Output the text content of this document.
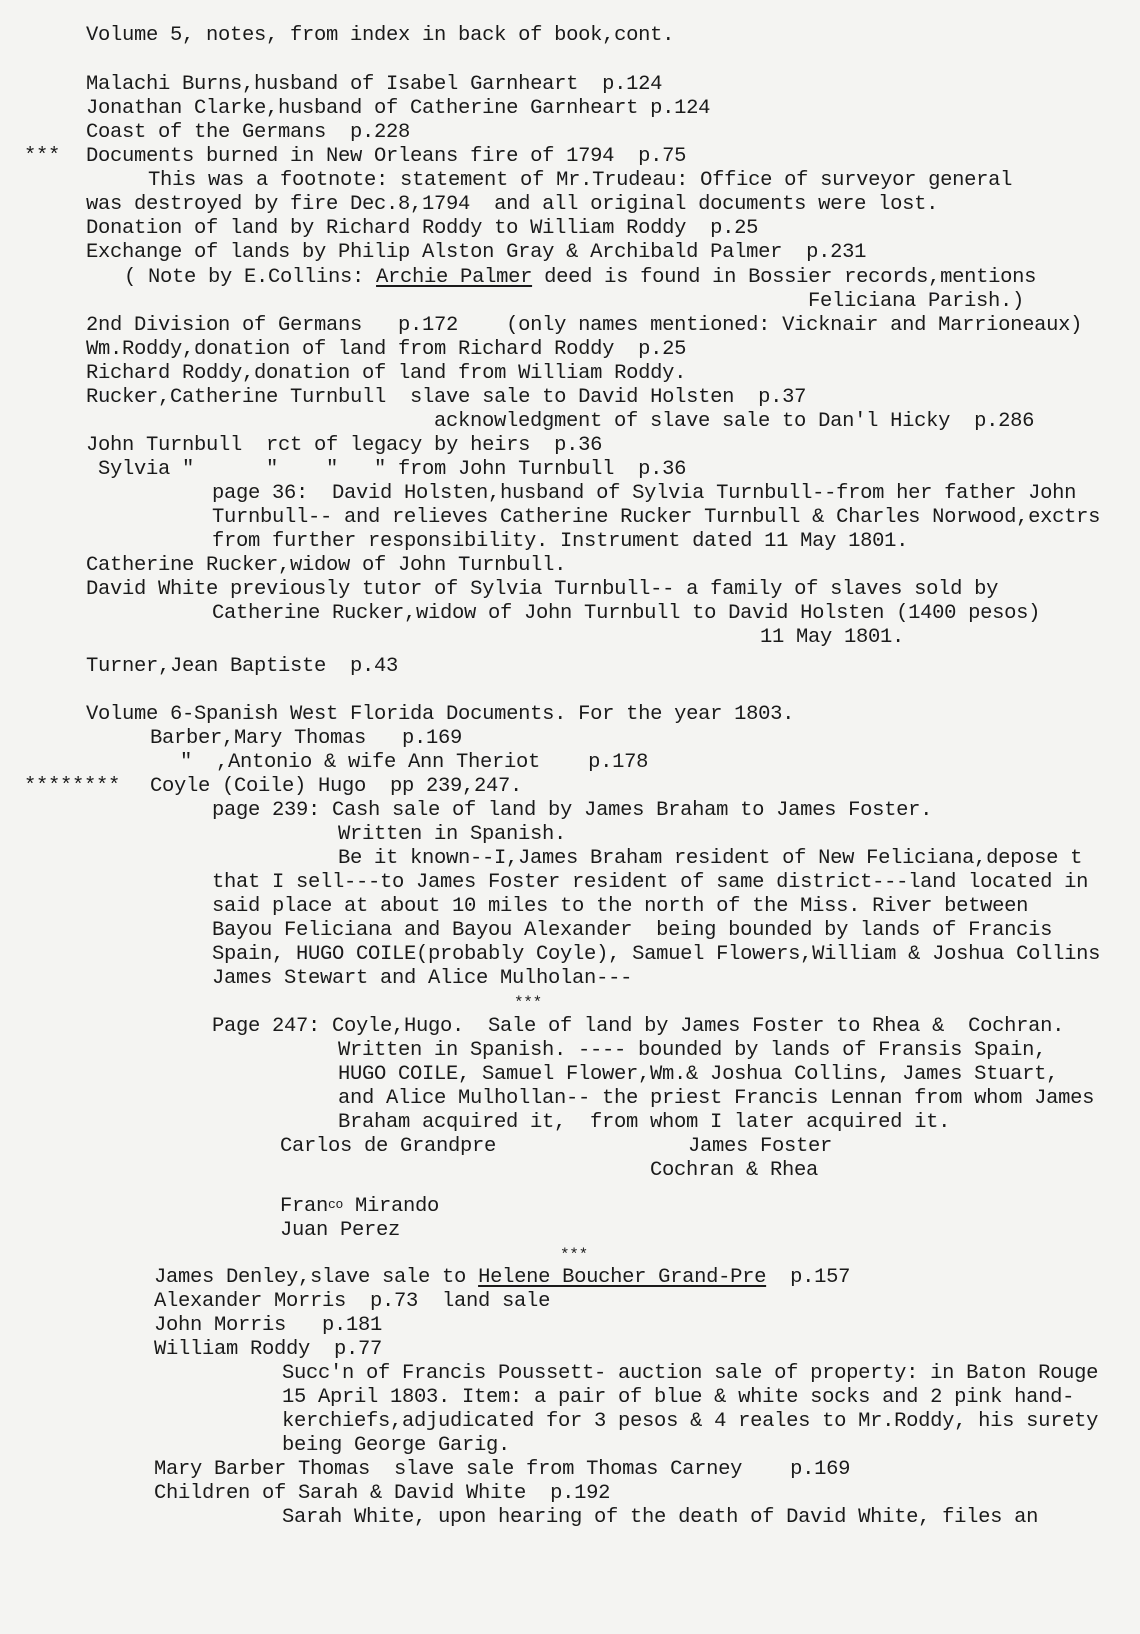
Volume 5, notes, from index in back of book,cont.
Malachi Burns,husband of Isabel Garnheart  p.124
Jonathan Clarke,husband of Catherine Garnheart p.124
Coast of the Germans  p.228
*** Documents burned in New Orleans fire of 1794  p.75
This was a footnote: statement of Mr.Trudeau: Office of surveyor general
was destroyed by fire Dec.8,1794  and all original documents were lost.
Donation of land by Richard Roddy to William Roddy  p.25
Exchange of lands by Philip Alston Gray & Archibald Palmer  p.231
( Note by E.Collins: Archie Palmer deed is found in Bossier records,mentions
Feliciana Parish.)
2nd Division of Germans   p.172    (only names mentioned: Vicknair and Marrioneaux)
Wm.Roddy,donation of land from Richard Roddy  p.25
Richard Roddy,donation of land from William Roddy.
Rucker,Catherine Turnbull  slave sale to David Holsten  p.37
acknowledgment of slave sale to Dan'l Hicky  p.286
John Turnbull  rct of legacy by heirs  p.36
Sylvia "      "    "   " from John Turnbull  p.36
page 36:  David Holsten,husband of Sylvia Turnbull--from her father John
Turnbull-- and relieves Catherine Rucker Turnbull & Charles Norwood,exctrs
from further responsibility. Instrument dated 11 May 1801.
Catherine Rucker,widow of John Turnbull.
David White previously tutor of Sylvia Turnbull-- a family of slaves sold by
Catherine Rucker,widow of John Turnbull to David Holsten (1400 pesos)
11 May 1801.
Turner,Jean Baptiste  p.43
Volume 6-Spanish West Florida Documents. For the year 1803.
Barber,Mary Thomas   p.169
"  ,Antonio & wife Ann Theriot    p.178
******** Coyle (Coile) Hugo  pp 239,247.
page 239: Cash sale of land by James Braham to James Foster.
Written in Spanish.
Be it known--I,James Braham resident of New Feliciana,depose t
that I sell---to James Foster resident of same district---land located in
said place at about 10 miles to the north of the Miss. River between
Bayou Feliciana and Bayou Alexander  being bounded by lands of Francis
Spain, HUGO COILE(probably Coyle), Samuel Flowers,William & Joshua Collins
James Stewart and Alice Mulholan---
***
Page 247: Coyle,Hugo.  Sale of land by James Foster to Rhea &  Cochran.
Written in Spanish. ---- bounded by lands of Fransis Spain,
HUGO COILE, Samuel Flower,Wm.& Joshua Collins, James Stuart,
and Alice Mulhollan-- the priest Francis Lennan from whom James
Braham acquired it,  from whom I later acquired it.
Carlos de Grandpre	James Foster
Cochran & Rhea
Fran$^{co}$ Mirando
Juan Perez
***
James Denley,slave sale to Helene Boucher Grand-Pre  p.157
Alexander Morris  p.73  land sale
John Morris   p.181
William Roddy  p.77
Succ'n of Francis Poussett- auction sale of property: in Baton Rouge
15 April 1803. Item: a pair of blue & white socks and 2 pink hand-
kerchiefs,adjudicated for 3 pesos & 4 reales to Mr.Roddy, his surety
being George Garig.
Mary Barber Thomas  slave sale from Thomas Carney    p.169
Children of Sarah & David White  p.192
Sarah White, upon hearing of the death of David White, files an
